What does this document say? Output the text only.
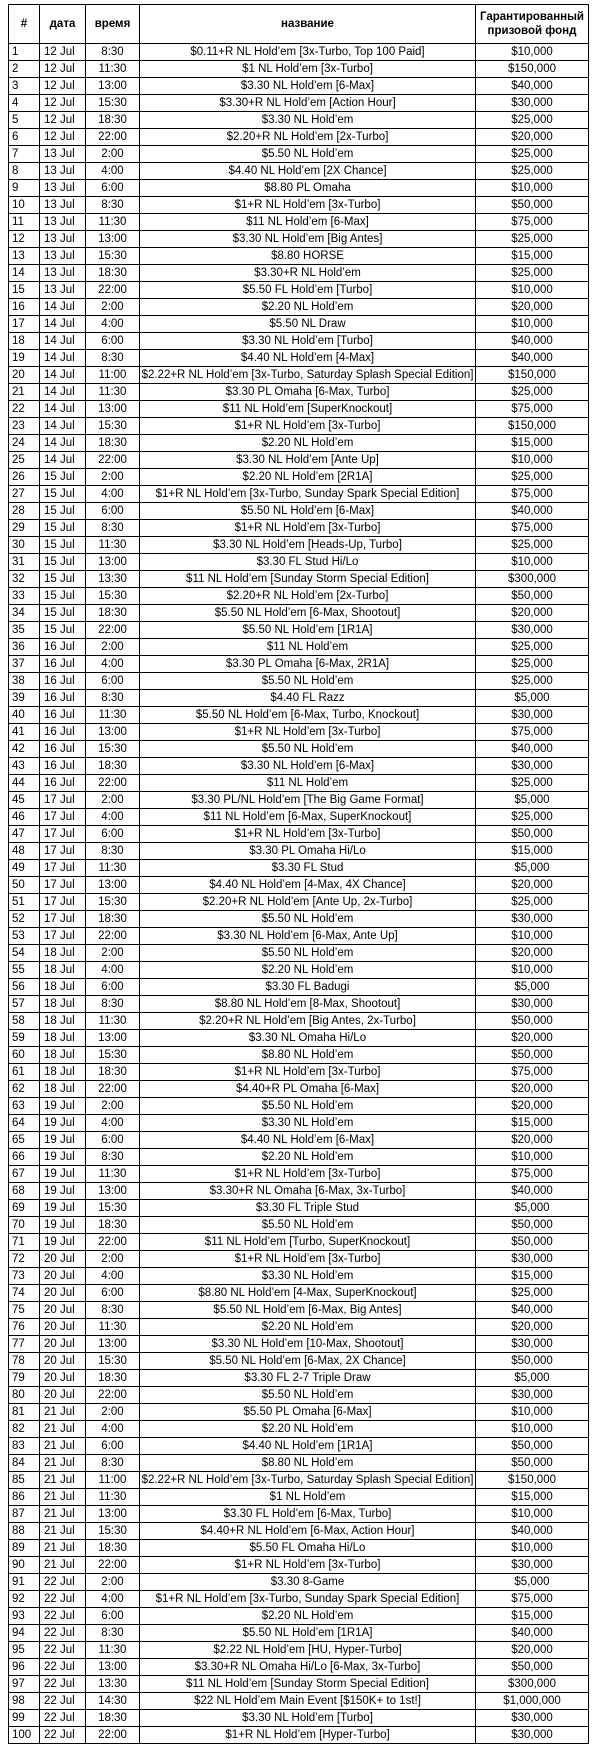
#	дата	время	название	Гарантированный призовой фонд
1	12 Jul	8:30	$0.11+R NL Hold’em [3x-Turbo, Top 100 Paid]	$10,000
2	12 Jul	11:30	$1 NL Hold’em [3x-Turbo]	$150,000
3	12 Jul	13:00	$3.30 NL Hold’em [6-Max]	$40,000
4	12 Jul	15:30	$3.30+R NL Hold’em [Action Hour]	$30,000
5	12 Jul	18:30	$3.30 NL Hold’em	$25,000
6	12 Jul	22:00	$2.20+R NL Hold’em [2x-Turbo]	$20,000
7	13 Jul	2:00	$5.50 NL Hold’em	$25,000
8	13 Jul	4:00	$4.40 NL Hold’em [2X Chance]	$25,000
9	13 Jul	6:00	$8.80 PL Omaha	$10,000
10	13 Jul	8:30	$1+R NL Hold’em [3x-Turbo]	$50,000
11	13 Jul	11:30	$11 NL Hold’em [6-Max]	$75,000
12	13 Jul	13:00	$3.30 NL Hold’em [Big Antes]	$25,000
13	13 Jul	15:30	$8.80 HORSE	$15,000
14	13 Jul	18:30	$3.30+R NL Hold’em	$25,000
15	13 Jul	22:00	$5.50 FL Hold’em [Turbo]	$10,000
16	14 Jul	2:00	$2.20 NL Hold’em	$20,000
17	14 Jul	4:00	$5.50 NL Draw	$10,000
18	14 Jul	6:00	$3.30 NL Hold’em [Turbo]	$40,000
19	14 Jul	8:30	$4.40 NL Hold’em [4-Max]	$40,000
20	14 Jul	11:00	$2.22+R NL Hold’em [3x-Turbo, Saturday Splash Special Edition]	$150,000
21	14 Jul	11:30	$3.30 PL Omaha [6-Max, Turbo]	$25,000
22	14 Jul	13:00	$11 NL Hold’em [SuperKnockout]	$75,000
23	14 Jul	15:30	$1+R NL Hold’em [3x-Turbo]	$150,000
24	14 Jul	18:30	$2.20 NL Hold’em	$15,000
25	14 Jul	22:00	$3.30 NL Hold’em [Ante Up]	$10,000
26	15 Jul	2:00	$2.20 NL Hold’em [2R1A]	$25,000
27	15 Jul	4:00	$1+R NL Hold’em [3x-Turbo, Sunday Spark Special Edition]	$75,000
28	15 Jul	6:00	$5.50 NL Hold’em [6-Max]	$40,000
29	15 Jul	8:30	$1+R NL Hold’em [3x-Turbo]	$75,000
30	15 Jul	11:30	$3.30 NL Hold’em [Heads-Up, Turbo]	$25,000
31	15 Jul	13:00	$3.30 FL Stud Hi/Lo	$10,000
32	15 Jul	13:30	$11 NL Hold’em [Sunday Storm Special Edition]	$300,000
33	15 Jul	15:30	$2.20+R NL Hold’em [2x-Turbo]	$50,000
34	15 Jul	18:30	$5.50 NL Hold’em [6-Max, Shootout]	$20,000
35	15 Jul	22:00	$5.50 NL Hold’em [1R1A]	$30,000
36	16 Jul	2:00	$11 NL Hold’em	$25,000
37	16 Jul	4:00	$3.30 PL Omaha [6-Max, 2R1A]	$25,000
38	16 Jul	6:00	$5.50 NL Hold’em	$25,000
39	16 Jul	8:30	$4.40 FL Razz	$5,000
40	16 Jul	11:30	$5.50 NL Hold’em [6-Max, Turbo, Knockout]	$30,000
41	16 Jul	13:00	$1+R NL Hold’em [3x-Turbo]	$75,000
42	16 Jul	15:30	$5.50 NL Hold’em	$40,000
43	16 Jul	18:30	$3.30 NL Hold’em [6-Max]	$30,000
44	16 Jul	22:00	$11 NL Hold’em	$25,000
45	17 Jul	2:00	$3.30 PL/NL Hold’em [The Big Game Format]	$5,000
46	17 Jul	4:00	$11 NL Hold’em [6-Max, SuperKnockout]	$25,000
47	17 Jul	6:00	$1+R NL Hold’em [3x-Turbo]	$50,000
48	17 Jul	8:30	$3.30 PL Omaha Hi/Lo	$15,000
49	17 Jul	11:30	$3.30 FL Stud	$5,000
50	17 Jul	13:00	$4.40 NL Hold’em [4-Max, 4X Chance]	$20,000
51	17 Jul	15:30	$2.20+R NL Hold’em [Ante Up, 2x-Turbo]	$25,000
52	17 Jul	18:30	$5.50 NL Hold’em	$30,000
53	17 Jul	22:00	$3.30 NL Hold’em [6-Max, Ante Up]	$10,000
54	18 Jul	2:00	$5.50 NL Hold’em	$20,000
55	18 Jul	4:00	$2.20 NL Hold’em	$10,000
56	18 Jul	6:00	$3.30 FL Badugi	$5,000
57	18 Jul	8:30	$8.80 NL Hold’em [8-Max, Shootout]	$30,000
58	18 Jul	11:30	$2.20+R NL Hold’em [Big Antes, 2x-Turbo]	$50,000
59	18 Jul	13:00	$3.30 NL Omaha Hi/Lo	$20,000
60	18 Jul	15:30	$8.80 NL Hold’em	$50,000
61	18 Jul	18:30	$1+R NL Hold’em [3x-Turbo]	$75,000
62	18 Jul	22:00	$4.40+R PL Omaha [6-Max]	$20,000
63	19 Jul	2:00	$5.50 NL Hold’em	$20,000
64	19 Jul	4:00	$3.30 NL Hold’em	$15,000
65	19 Jul	6:00	$4.40 NL Hold’em [6-Max]	$20,000
66	19 Jul	8:30	$2.20 NL Hold’em	$10,000
67	19 Jul	11:30	$1+R NL Hold’em [3x-Turbo]	$75,000
68	19 Jul	13:00	$3.30+R NL Omaha [6-Max, 3x-Turbo]	$40,000
69	19 Jul	15:30	$3.30 FL Triple Stud	$5,000
70	19 Jul	18:30	$5.50 NL Hold’em	$50,000
71	19 Jul	22:00	$11 NL Hold’em [Turbo, SuperKnockout]	$50,000
72	20 Jul	2:00	$1+R NL Hold’em [3x-Turbo]	$30,000
73	20 Jul	4:00	$3.30 NL Hold’em	$15,000
74	20 Jul	6:00	$8.80 NL Hold’em [4-Max, SuperKnockout]	$25,000
75	20 Jul	8:30	$5.50 NL Hold’em [6-Max, Big Antes]	$40,000
76	20 Jul	11:30	$2.20 NL Hold’em	$20,000
77	20 Jul	13:00	$3.30 NL Hold’em [10-Max, Shootout]	$30,000
78	20 Jul	15:30	$5.50 NL Hold’em [6-Max, 2X Chance]	$50,000
79	20 Jul	18:30	$3.30 FL 2-7 Triple Draw	$5,000
80	20 Jul	22:00	$5.50 NL Hold’em	$30,000
81	21 Jul	2:00	$5.50 PL Omaha [6-Max]	$10,000
82	21 Jul	4:00	$2.20 NL Hold’em	$10,000
83	21 Jul	6:00	$4.40 NL Hold’em [1R1A]	$50,000
84	21 Jul	8:30	$8.80 NL Hold’em	$50,000
85	21 Jul	11:00	$2.22+R NL Hold’em [3x-Turbo, Saturday Splash Special Edition]	$150,000
86	21 Jul	11:30	$1 NL Hold’em	$15,000
87	21 Jul	13:00	$3.30 FL Hold’em [6-Max, Turbo]	$10,000
88	21 Jul	15:30	$4.40+R NL Hold’em [6-Max, Action Hour]	$40,000
89	21 Jul	18:30	$5.50 FL Omaha Hi/Lo	$10,000
90	21 Jul	22:00	$1+R NL Hold’em [3x-Turbo]	$30,000
91	22 Jul	2:00	$3.30 8-Game	$5,000
92	22 Jul	4:00	$1+R NL Hold’em [3x-Turbo, Sunday Spark Special Edition]	$75,000
93	22 Jul	6:00	$2.20 NL Hold’em	$15,000
94	22 Jul	8:30	$5.50 NL Hold’em [1R1A]	$40,000
95	22 Jul	11:30	$2.22 NL Hold’em [HU, Hyper-Turbo]	$20,000
96	22 Jul	13:00	$3.30+R NL Omaha Hi/Lo [6-Max, 3x-Turbo]	$50,000
97	22 Jul	13:30	$11 NL Hold’em [Sunday Storm Special Edition]	$300,000
98	22 Jul	14:30	$22 NL Hold’em Main Event [$150K+ to 1st!]	$1,000,000
99	22 Jul	18:30	$3.30 NL Hold’em [Turbo]	$30,000
100	22 Jul	22:00	$1+R NL Hold’em [Hyper-Turbo]	$30,000
